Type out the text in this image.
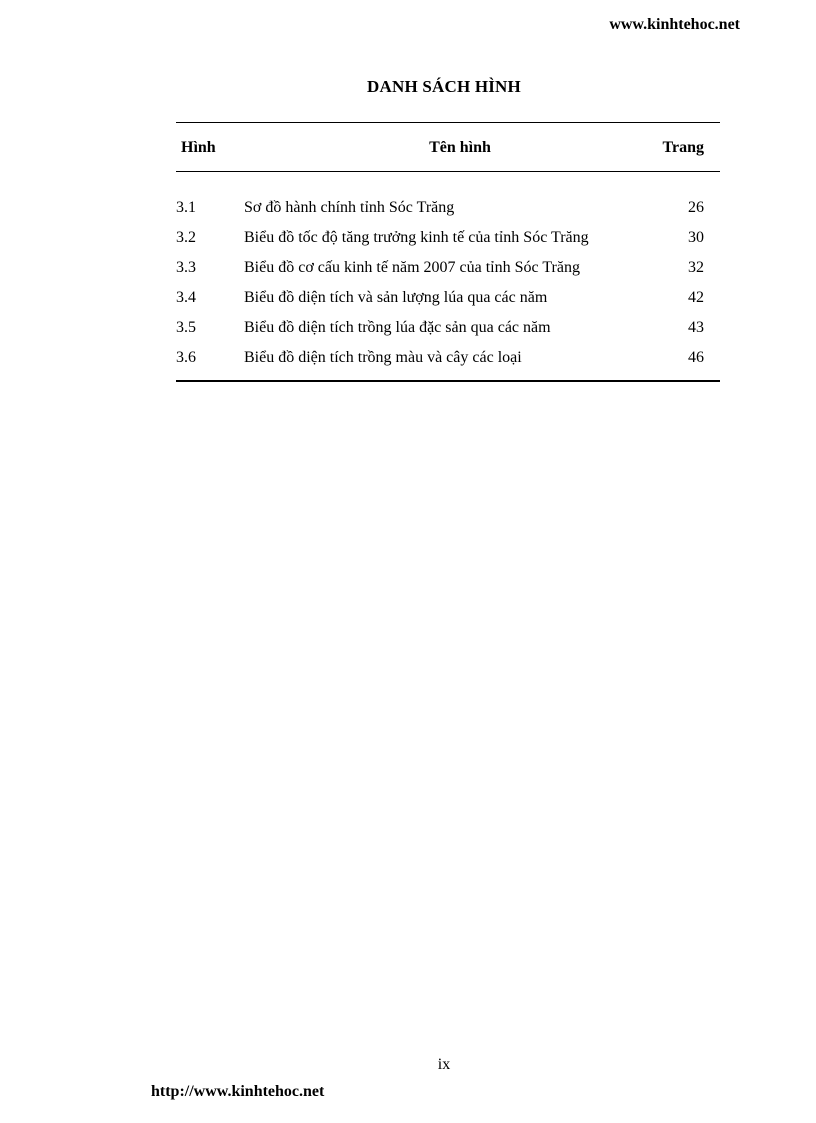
www.kinhtehoc.net
DANH SÁCH HÌNH
Hình	Tên hình	Trang
3.1	Sơ đồ hành chính tỉnh Sóc Trăng	26
3.2	Biểu đồ tốc độ tăng trưởng kinh tế của tỉnh Sóc Trăng	30
3.3	Biểu đồ cơ cấu kinh tế năm 2007 của tỉnh Sóc Trăng	32
3.4	Biểu đồ diện tích và sản lượng lúa qua các năm	42
3.5	Biểu đồ diện tích trồng lúa đặc sản qua các năm	43
3.6	Biểu đồ diện tích trồng màu và cây các loại	46
ix
http://www.kinhtehoc.net
